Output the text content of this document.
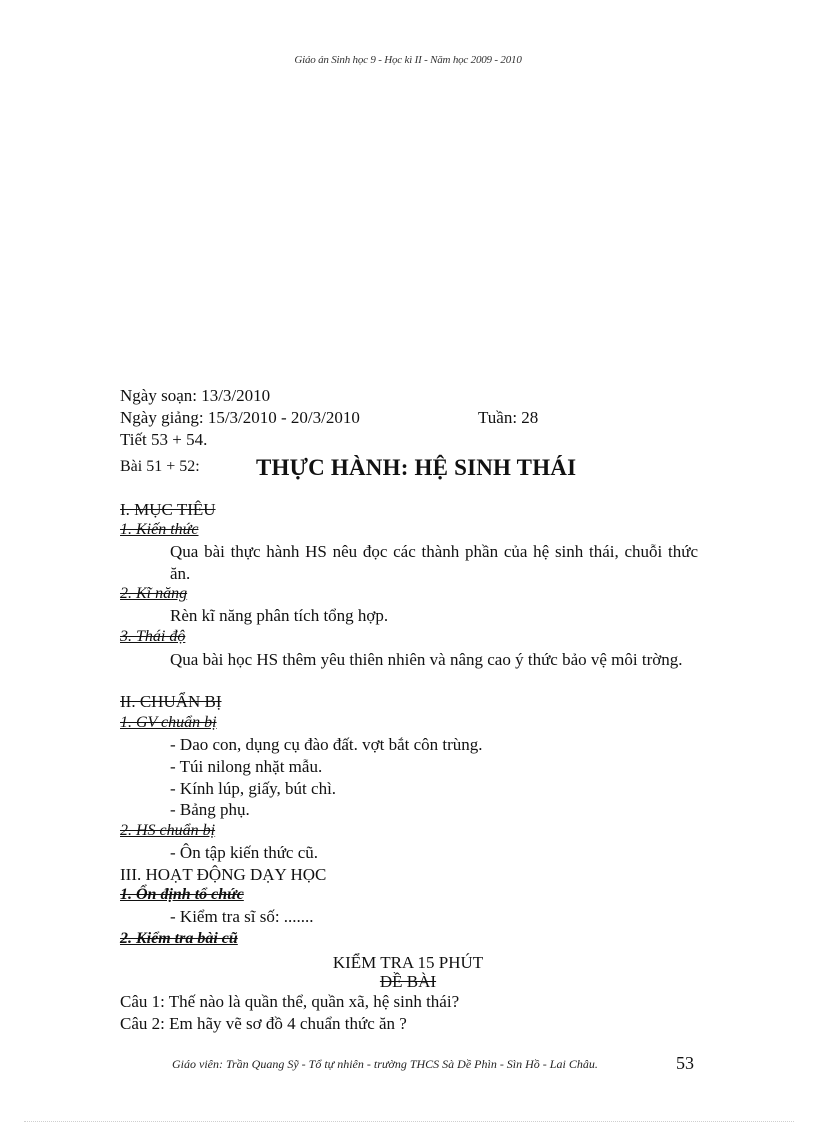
Giáo án Sinh học 9 - Học kì II - Năm học 2009 - 2010
Ngày soạn: 13/3/2010
Ngày giảng: 15/3/2010 - 20/3/2010	Tuần: 28
Tiết 53 + 54.
Bài 51 + 52: THỰC HÀNH: HỆ SINH THÁI
I. MỤC TIÊU
1. Kiến thức
Qua bài thực hành HS nêu đọc các thành phần của hệ sinh thái, chuỗi thức ăn.
2. Kĩ năng
Rèn kĩ năng phân tích tổng hợp.
3. Thái độ
Qua bài học HS thêm yêu thiên nhiên và nâng cao ý thức bảo vệ môi trờng.
II. CHUẨN BỊ
1. GV chuẩn bị
- Dao con, dụng cụ đào đất. vợt bắt côn trùng.
- Túi nilong nhặt mẫu.
- Kính lúp, giấy, bút chì.
- Bảng phụ.
2. HS chuẩn bị
- Ôn tập kiến thức cũ.
III. HOẠT ĐỘNG DẠY HỌC
1. Ổn định tổ chức
- Kiểm tra sĩ số: .......
2. Kiểm tra bài cũ
KIỂM TRA 15 PHÚT
ĐỀ BÀI
Câu 1: Thế nào là quần thể, quần xã, hệ sinh thái?
Câu 2: Em hãy vẽ sơ đồ 4 chuẩn thức ăn ?
Giáo viên: Trần Quang Sỹ - Tổ tự nhiên - trường THCS Sà Dề Phìn - Sìn Hồ - Lai Châu.	53
